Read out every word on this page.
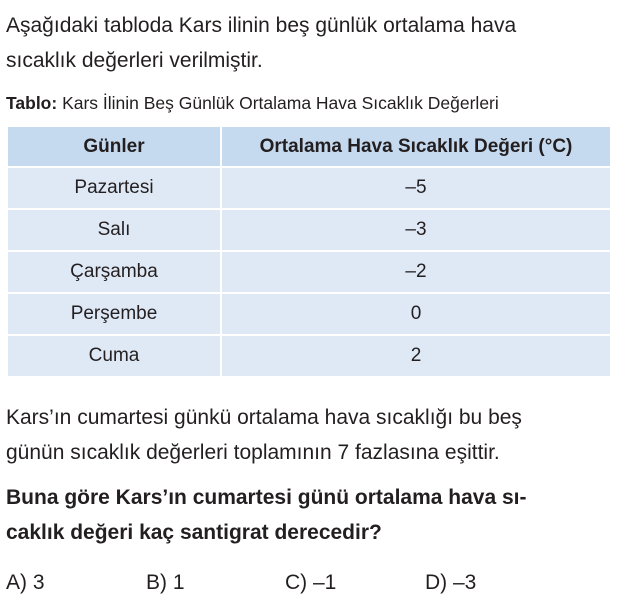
Aşağıdaki tabloda Kars ilinin beş günlük ortalama hava
sıcaklık değerleri verilmiştir.

Tablo: Kars İlinin Beş Günlük Ortalama Hava Sıcaklık Değerleri
Günler	Ortalama Hava Sıcaklık Değeri (°C)
Pazartesi	–5
Salı	–3
Çarşamba	–2
Perşembe	0
Cuma	2

Kars’ın cumartesi günkü ortalama hava sıcaklığı bu beş
günün sıcaklık değerleri toplamının 7 fazlasına eşittir.

Buna göre Kars’ın cumartesi günü ortalama hava sı-
caklık değeri kaç santigrat derecedir?

A) 3	B) 1	C) –1	D) –3
